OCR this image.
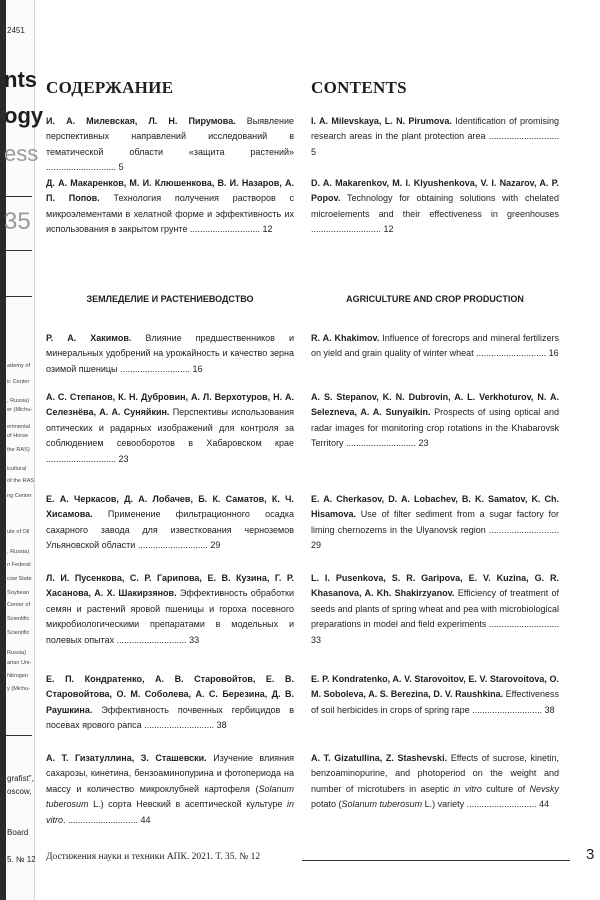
2451
nts
ogy
ess
35
ademy of
ic Center
, Russia)
er (Michu-
erimental
of Horse
the RAS)
icultural
of the RAS
ng Center
ute of Oil
, Russia)
n Federal
cow State
Soybean
Center of
Scientific
Scientific
Russia)
arian Uni-
Nitrogen
y (Michu-
grafist",
oscow,
Board
5. № 12
СОДЕРЖАНИЕ	CONTENTS

ЗЕМЛЕДЕЛИЕ И РАСТЕНИЕВОДСТВО	AGRICULTURE AND CROP PRODUCTION

И. А. Милевская, Л. Н. Пирумова. Выявление перспективных направлений исследований в тематической области «защита растений» ............................ 5
Д. А. Макаренков, М. И. Клюшенкова, В. И. Назаров, А. П. Попов. Технология получения растворов с микроэлементами в хелатной форме и эффективность их использования в закрытом грунте ............................ 12
Р. А. Хакимов. Влияние предшественников и минеральных удобрений на урожайность и качество зерна озимой пшеницы ............................ 16
А. С. Степанов, К. Н. Дубровин, А. Л. Верхотуров, Н. А. Селезнёва, А. А. Суняйкин. Перспективы использования оптических и радарных изображений для контроля за соблюдением севооборотов в Хабаровском крае ............................ 23
Е. А. Черкасов, Д. А. Лобачев, Б. К. Саматов, К. Ч. Хисамова. Применение фильтрационного осадка сахарного завода для известкования черноземов Ульяновской области ............................ 29
Л. И. Пусенкова, С. Р. Гарипова, Е. В. Кузина, Г. Р. Хасанова, А. Х. Шакирзянов. Эффективность обработки семян и растений яровой пшеницы и гороха посевного микробиологическими препаратами в модельных и полевых опытах ............................ 33
Е. П. Кондратенко, А. В. Старовойтов, Е. В. Старовойтова, О. М. Соболева, А. С. Березина, Д. В. Раушкина. Эффективность почвенных гербицидов в посевах ярового рапса ............................ 38
А. Т. Гизатуллина, З. Сташевски. Изучение влияния сахарозы, кинетина, бензоаминопурина и фотопериода на массу и количество микроклубней картофеля (Solanum tuberosum L.) сорта Невский в асептической культуре in vitro. ............................ 44
I. A. Milevskaya, L. N. Pirumova. Identification of promising research areas in the plant protection area ............................ 5
D. A. Makarenkov, M. I. Klyushenkova, V. I. Nazarov, A. P. Popov. Technology for obtaining solutions with chelated microelements and their effectiveness in greenhouses ............................ 12
R. A. Khakimov. Influence of forecrops and mineral fertilizers on yield and grain quality of winter wheat ............................ 16
A. S. Stepanov, K. N. Dubrovin, A. L. Verkhoturov, N. A. Selezneva, A. A. Sunyaikin. Prospects of using optical and radar images for monitoring crop rotations in the Khabarovsk Territory ............................ 23
E. A. Cherkasov, D. A. Lobachev, B. K. Samatov, K. Ch. Hisamova. Use of filter sediment from a sugar factory for liming chernozems in the Ulyanovsk region ............................ 29
L. I. Pusenkova, S. R. Garipova, E. V. Kuzina, G. R. Khasanova, A. Kh. Shakirzyanov. Efficiency of treatment of seeds and plants of spring wheat and pea with microbiological preparations in model and field experiments ............................ 33
E. P. Kondratenko, A. V. Starovoitov, E. V. Starovoitova, O. M. Soboleva, A. S. Berezina, D. V. Raushkina. Effectiveness of soil herbicides in crops of spring rape ............................ 38
A. T. Gizatullina, Z. Stashevski. Effects of sucrose, kinetin, benzoaminopurine, and photoperiod on the weight and number of microtubers in aseptic in vitro culture of Nevsky potato (Solanum tuberosum L.) variety ............................ 44
Достижения науки и техники АПК. 2021. Т. 35. № 12	3
